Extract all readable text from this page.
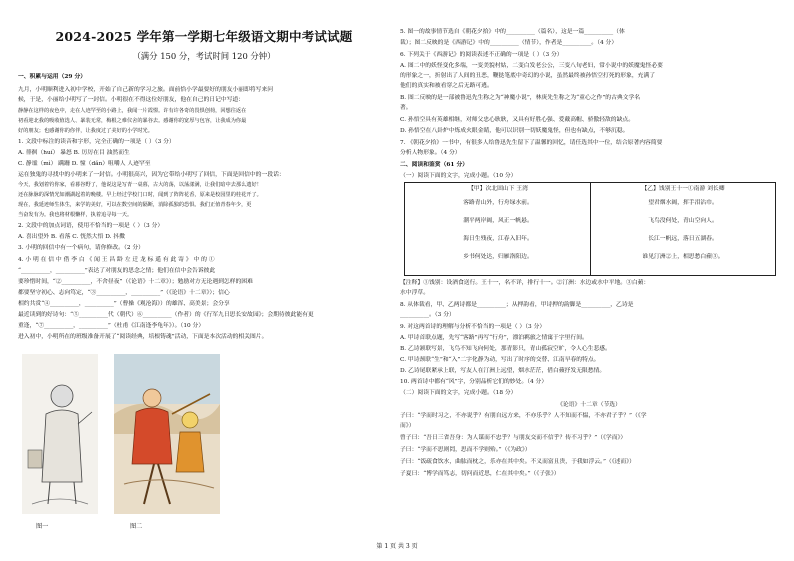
2024-2025 学年第一学期七年级语文期中考试试题
（满分 150 分，考试时间 120 分钟）
一、积累与运用（29 分）
九月，小明顺利进入初中学校，开始了自己新的学习之旅。面前恰小学最要好的朋友小丽即将写来问
候，于是，小丽给小明写了一封信。小明很在不得这位好朋友，他在自己的日记中写道：
静静在这样的夜色中，走在人迹罕至的小路上，我闻一片霞憬。许有许各奇的畏惧创荷，回想往返在
初看迎北我的吸收值选人、暴装无常，梅根之难仪舍的暴谷去。感谢你的宽厚与包容，让我成为你最
好的朋友；也感谢你的你伴，让我度过了美好的小学时光。
1. 文段中标注的读音和字形，完全正确的一项是（ ）（3 分）
A. 徘徊（huí） 暴怒 B. 厉厉在目 油然而生
C. 静谧（mì） 蹒跚 D. 憧（dǎn）咀嚼人 人迹罕至
运在独鬼的寻找中的小明来了一封信。小明很高兴，因为它带给小明写了回信，下面是回信中的一段话：
今天，我划着钓你家，看暮谷野了，他说这是写青一桌暮，古大的荡，以荡漾满，让我们暗中去那么遗好！
还在脉脉的深情光如潮湖起着的晚楼。早上经过学校门口时，闻到了阵阵花香，原来是校园里的桂花开了。
现在，我延迹师生体生，来学的美好，可以在数空间的隔断，消除孤独的恐惧。我们正值青春年少，更
当奋发有为。我也将材根懒样，执着追寻每一天。
2. 文段中的加点词语，使用不恰当的一项是（ ）（3 分）
A. 喜出望外 B. 看落 C. 恍然大悟 D. 抖擞
3. 小明的回信中有一个病句，请你修改。（2 分）
4. 小 明 在 信 中 借 李 白 《 闻 王 昌 龄 左 迁 龙 标 遥 有 此 寄 》 中 的 ①
“__________，__________”表达了对朋友的思念之情；他们在信中会告诉彼此
要珍惜时间，“②__________，不舍昼夜”（《论语》十二章》）；勉励对方无论遇到怎样的困难
都要坚守初心、志向笃定，“③__________，__________”（《论语》十二章》）；信心
相约共赏“④__________，__________”（曹操《观沧海》）的雄浑、高美景；会分享
最近读到的好诗句：“⑤__________代（朝代）⑥__________（作者）的《行军九日思长安故园》；会期待彼此能有更
重逢，“⑦__________，__________”（杜甫《江南逢李龟年》）。（10 分）
进入初中，小明所在的班级准备开展了“阅读经典，培根铸魂”活动，下面是本次活动的相关图片。
图一	图二
5. 图一的故事情节选自《朝花夕拾》中的__________（篇名），这是一篇__________（体
裁）；图二反映的是《西游记》中的__________（情节），作者是__________。（4 分）
6. 下列关于《西游记》的阅读表述不正确的一项是（ ）（3 分）
A. 图二中的妖怪变化多端，一变美貌村姑，二变白发老公公，三变八旬老妇，常小说中的妖魔鬼怪必要
的形象之一，折射出了人间的丑恶，鞭挞笔底中奇幻的小说，虽然最终被孙悟空打死的形象，充满了
他们的真实和被看穿之后无路可逃。
B. 图二反映的是一部被鲁迅先生称之为“神魔小说”，林庚先生称之为“童心之作”的古典文学名
著。
C. 孙悟空具有英雄相继，对师父忠心耿耿，又具有好胜心强、爱戴高帽、骄傲轻敌的缺点。
D. 孙悟空在八卦炉中炼成火眼金睛，他可以识别一切妖魔鬼怪，但也有缺点，不够沉稳。
7. 《朝花夕拾》一书中，有很多人给鲁迅先生留下了温馨的回忆，请任选其中一位，结合原著内容简要
分析人物形象。（4 分）
二、阅读和鉴赏（61 分）
（一）阅读下面的文字，完成小题。（10 分）
【甲】次北固山下 王湾
客路青山外，行舟绿水前。
潮平两岸阔，风正一帆悬。
海日生残夜，江春入旧年。
乡书何处达，归雁洛阳边。
【乙】饯别王十一①南游 刘长卿
望君烟水阔，挥手泪沾巾。
飞鸟没何处，青山空向人。
长江一帆远，落日五湖春。
谁见汀洲②上，相思愁白蘋③。
【注释】①饯别：设酒食送行。王十一，名不详，排行十一。②汀洲：水边或水中平地。③白蘋：
水中浮草。
8. 从体裁看，甲、乙两诗都是__________；从押韵看，甲诗押的韵脚是__________，乙诗是
__________。（3 分）
9. 对这两首诗的理解与分析不恰当的一项是（ ）（3 分）
A. 甲诗首联点题，先写“客路”再写“行舟”，漂泊羁旅之情寓于字里行间。
B. 乙诗颔联写景，飞鸟不知飞向何处，那青影只，青山孤寂空旷，令人心生悲感。
C. 甲诗颈联“生”和“入”二字化静为动，写出了时序的交替、江南早春的特点。
D. 乙诗尾联紧承上联，写友人在汀洲上远望，烟水茫茫，借白蘋抒发无限愁情。
10. 两首诗中都有“风”字，分别品析它们的妙处。（4 分）
（二）阅读下面的文字，完成小题。（18 分）
《论语》十二章（节选）
子曰：“学而时习之，不亦说乎？有朋自远方来，不亦乐乎？人不知而不愠，不亦君子乎？”（《学
而》）
曾子曰：“吾日三省吾身：为人谋而不忠乎？与朋友交而不信乎？传不习乎？”（《学而》）
子曰：“学而不思则罔，思而不学则殆。”（《为政》）
子曰：“饭疏食饮水，曲肱而枕之，乐亦在其中矣。不义而富且贵，于我如浮云。”（《述而》）
子夏曰：“博学而笃志，切问而近思，仁在其中矣。”（《子张》）
第 1 页 共 3 页
